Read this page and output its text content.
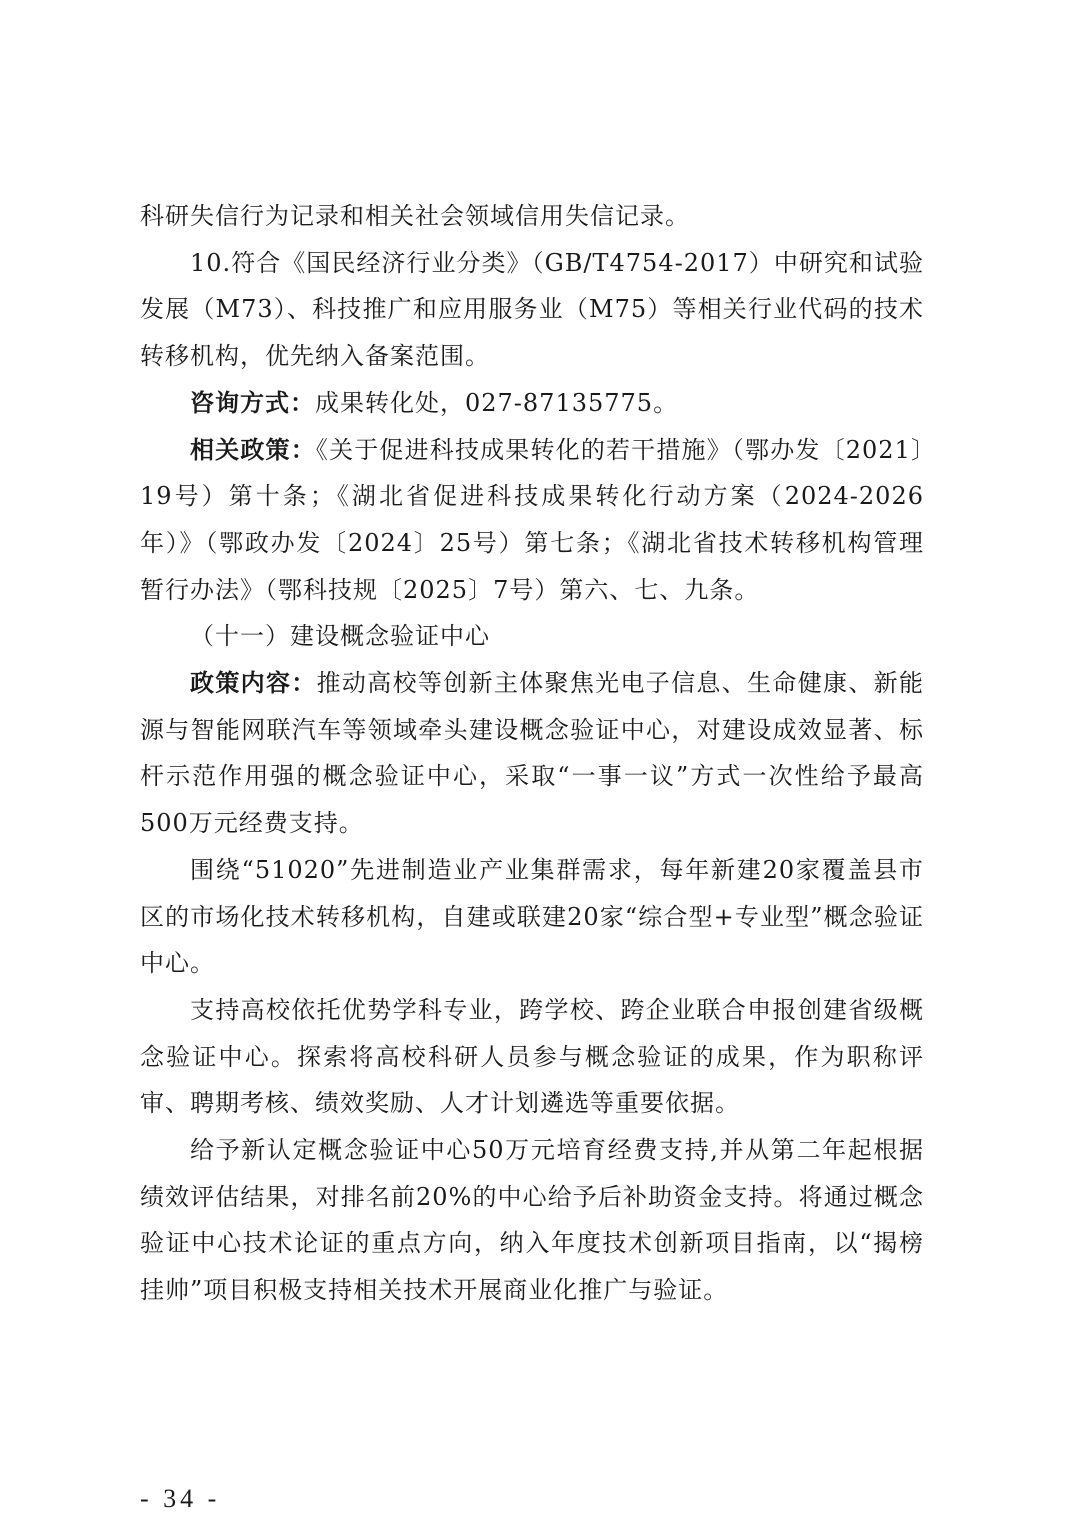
科研失信行为记录和相关社会领域信用失信记录。

10.符合《国民经济行业分类》（GB/T4754-2017）中研究和试验发展（M73）、科技推广和应用服务业（M75）等相关行业代码的技术转移机构，优先纳入备案范围。

咨询方式：成果转化处，027-87135775。

相关政策：《关于促进科技成果转化的若干措施》（鄂办发〔2021〕19号）第十条；《湖北省促进科技成果转化行动方案（2024-2026年）》（鄂政办发〔2024〕25号）第七条；《湖北省技术转移机构管理暂行办法》（鄂科技规〔2025〕7号）第六、七、九条。

（十一）建设概念验证中心

政策内容：推动高校等创新主体聚焦光电子信息、生命健康、新能源与智能网联汽车等领域牵头建设概念验证中心，对建设成效显著、标杆示范作用强的概念验证中心，采取“一事一议”方式一次性给予最高500万元经费支持。

围绕“51020”先进制造业产业集群需求，每年新建20家覆盖县市区的市场化技术转移机构，自建或联建20家“综合型+专业型”概念验证中心。

支持高校依托优势学科专业，跨学校、跨企业联合申报创建省级概念验证中心。探索将高校科研人员参与概念验证的成果，作为职称评审、聘期考核、绩效奖励、人才计划遴选等重要依据。

给予新认定概念验证中心50万元培育经费支持,并从第二年起根据绩效评估结果，对排名前20%的中心给予后补助资金支持。将通过概念验证中心技术论证的重点方向，纳入年度技术创新项目指南，以“揭榜挂帅”项目积极支持相关技术开展商业化推广与验证。

- 34 -
